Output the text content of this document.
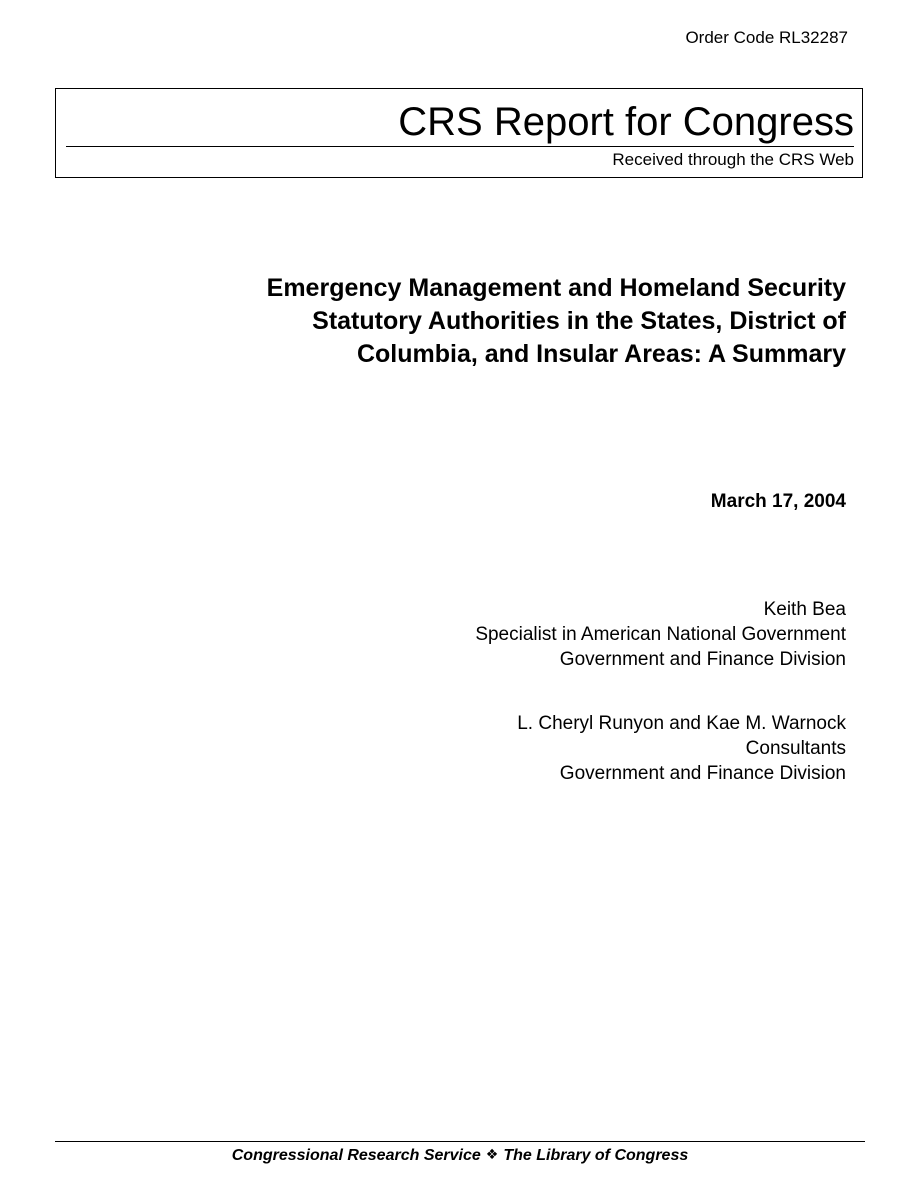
Order Code RL32287
CRS Report for Congress
Received through the CRS Web
Emergency Management and Homeland Security
Statutory Authorities in the States, District of
Columbia, and Insular Areas: A Summary
March 17, 2004
Keith Bea
Specialist in American National Government
Government and Finance Division
L. Cheryl Runyon and Kae M. Warnock
Consultants
Government and Finance Division
Congressional Research Service ❖ The Library of Congress
